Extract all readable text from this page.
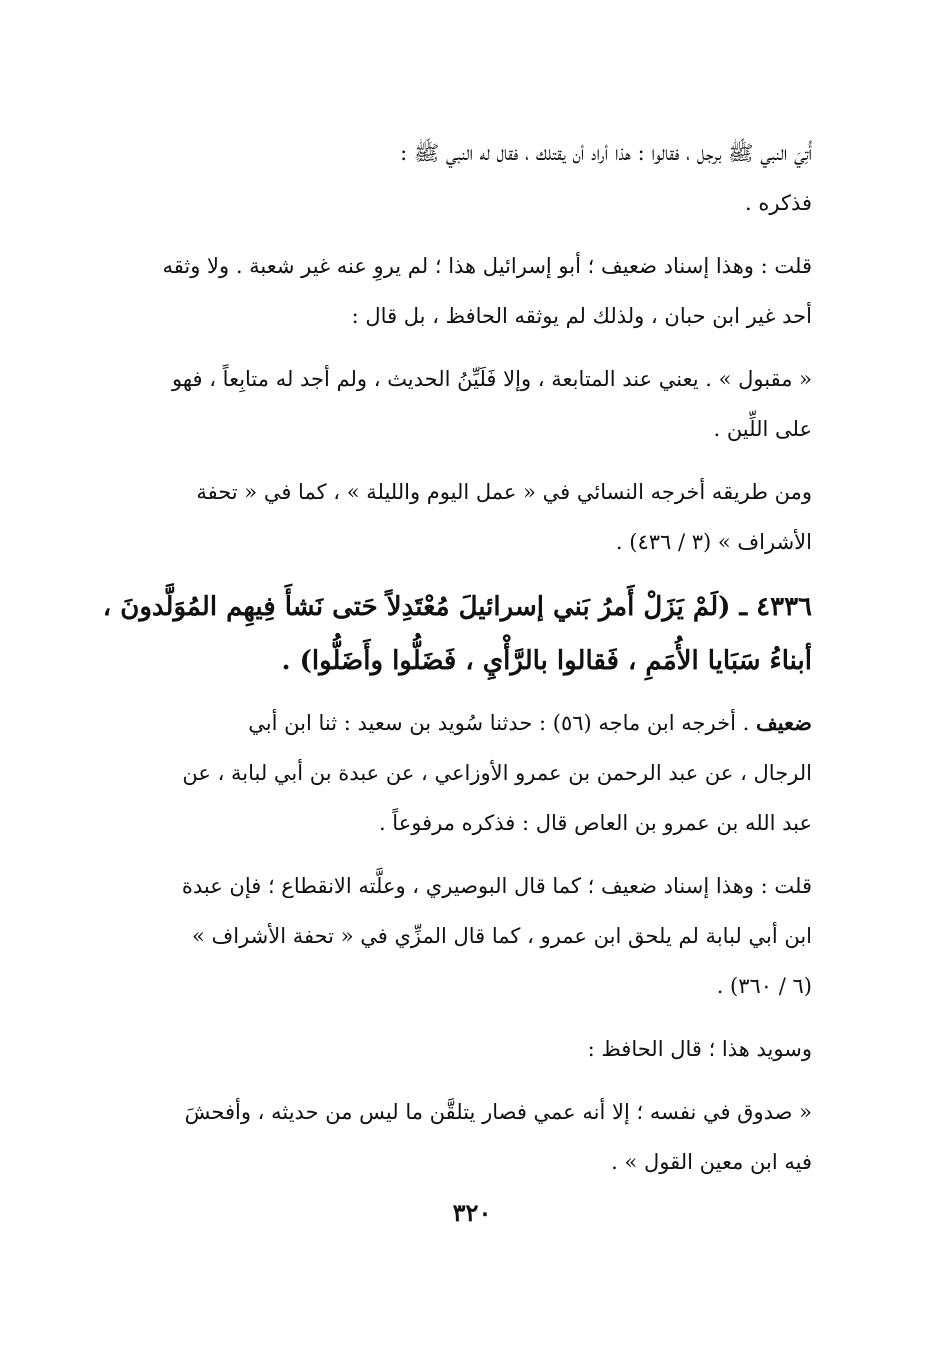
أُتِيَ النبي ﷺ برجل ، فقالوا : هذا أراد أن يقتلك ، فقال له النبي ﷺ :
فذكره .

قلت : وهذا إسناد ضعيف ؛ أبو إسرائيل هذا ؛ لم يروِ عنه غير شعبة . ولا وثقه
أحد غير ابن حبان ، ولذلك لم يوثقه الحافظ ، بل قال :

« مقبول » . يعني عند المتابعة ، وإلا فَلَيِّنُ الحديث ، ولم أجد له متابِعاً ، فهو
على اللِّين .

ومن طريقه أخرجه النسائي في « عمل اليوم والليلة » ، كما في « تحفة
الأشراف » (٣ / ٤٣٦) .

٤٣٣٦ ـ (لَمْ يَزَلْ أَمرُ بَني إسرائيلَ مُعْتَدِلاً حَتى نَشأَ فِيهِم المُوَلَّدونَ ،
أبناءُ سَبَايا الأُمَمِ ، فَقالوا بالرَّأْيِ ، فَضَلُّوا وأَضَلُّوا) .

ضعيف . أخرجه ابن ماجه (٥٦) : حدثنا سُويد بن سعيد : ثنا ابن أبي
الرجال ، عن عبد الرحمن بن عمرو الأوزاعي ، عن عبدة بن أبي لبابة ، عن
عبد الله بن عمرو بن العاص قال : فذكره مرفوعاً .

قلت : وهذا إسناد ضعيف ؛ كما قال البوصيري ، وعلَّته الانقطاع ؛ فإن عبدة
ابن أبي لبابة لم يلحق ابن عمرو ، كما قال المزِّي في « تحفة الأشراف »
(٦ / ٣٦٠) .

وسويد هذا ؛ قال الحافظ :

« صدوق في نفسه ؛ إلا أنه عمي فصار يتلقَّن ما ليس من حديثه ، وأفحشَ
فيه ابن معين القول » .

٣٢٠
